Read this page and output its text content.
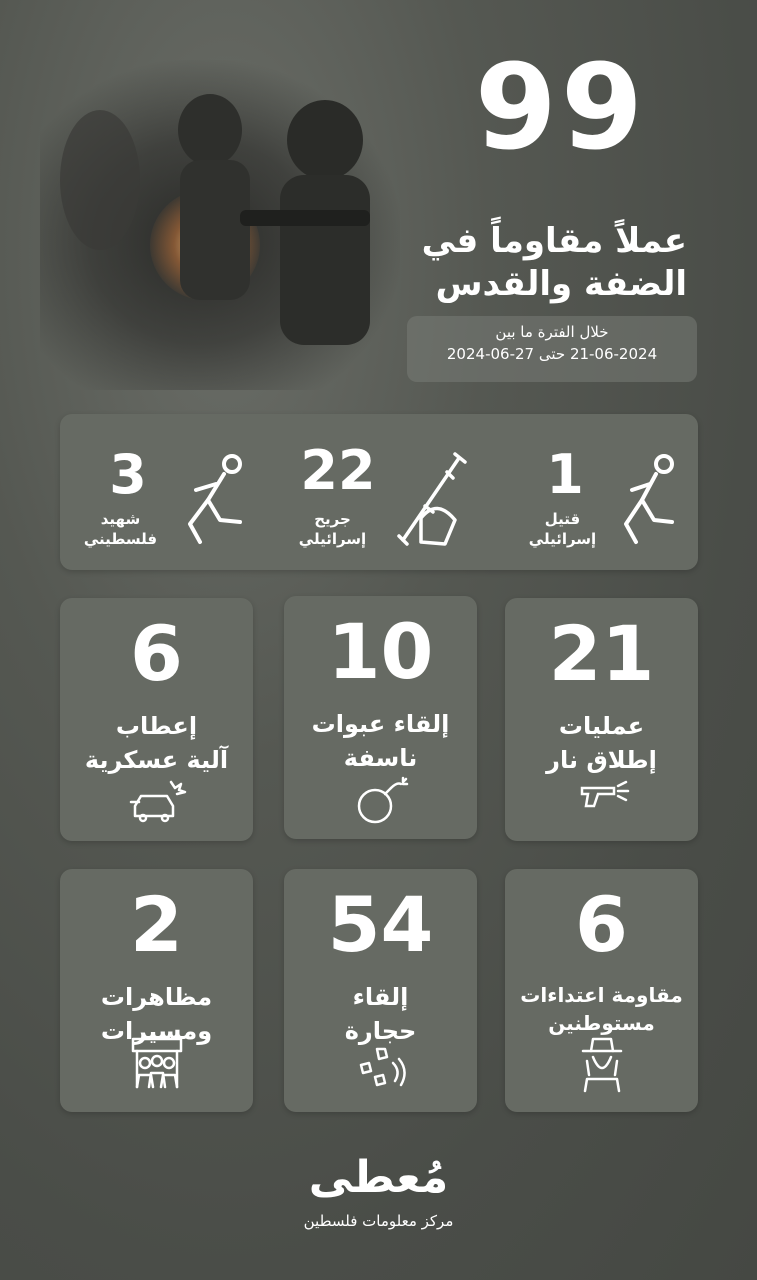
99
عملاً مقاوماً في
الضفة والقدس
خلال الفترة ما بين
21-06-2024 حتى 27-06-2024
1
قتيل
إسرائيلي
22
جريح
إسرائيلي
3
شهيد
فلسطيني
21
عمليات
إطلاق نار
10
إلقاء عبوات
ناسفة
6
إعطاب
آلية عسكرية
6
مقاومة اعتداءات
مستوطنين
54
إلقاء
حجارة
2
مظاهرات
ومسيرات
مُعطى
مركز معلومات فلسطين
